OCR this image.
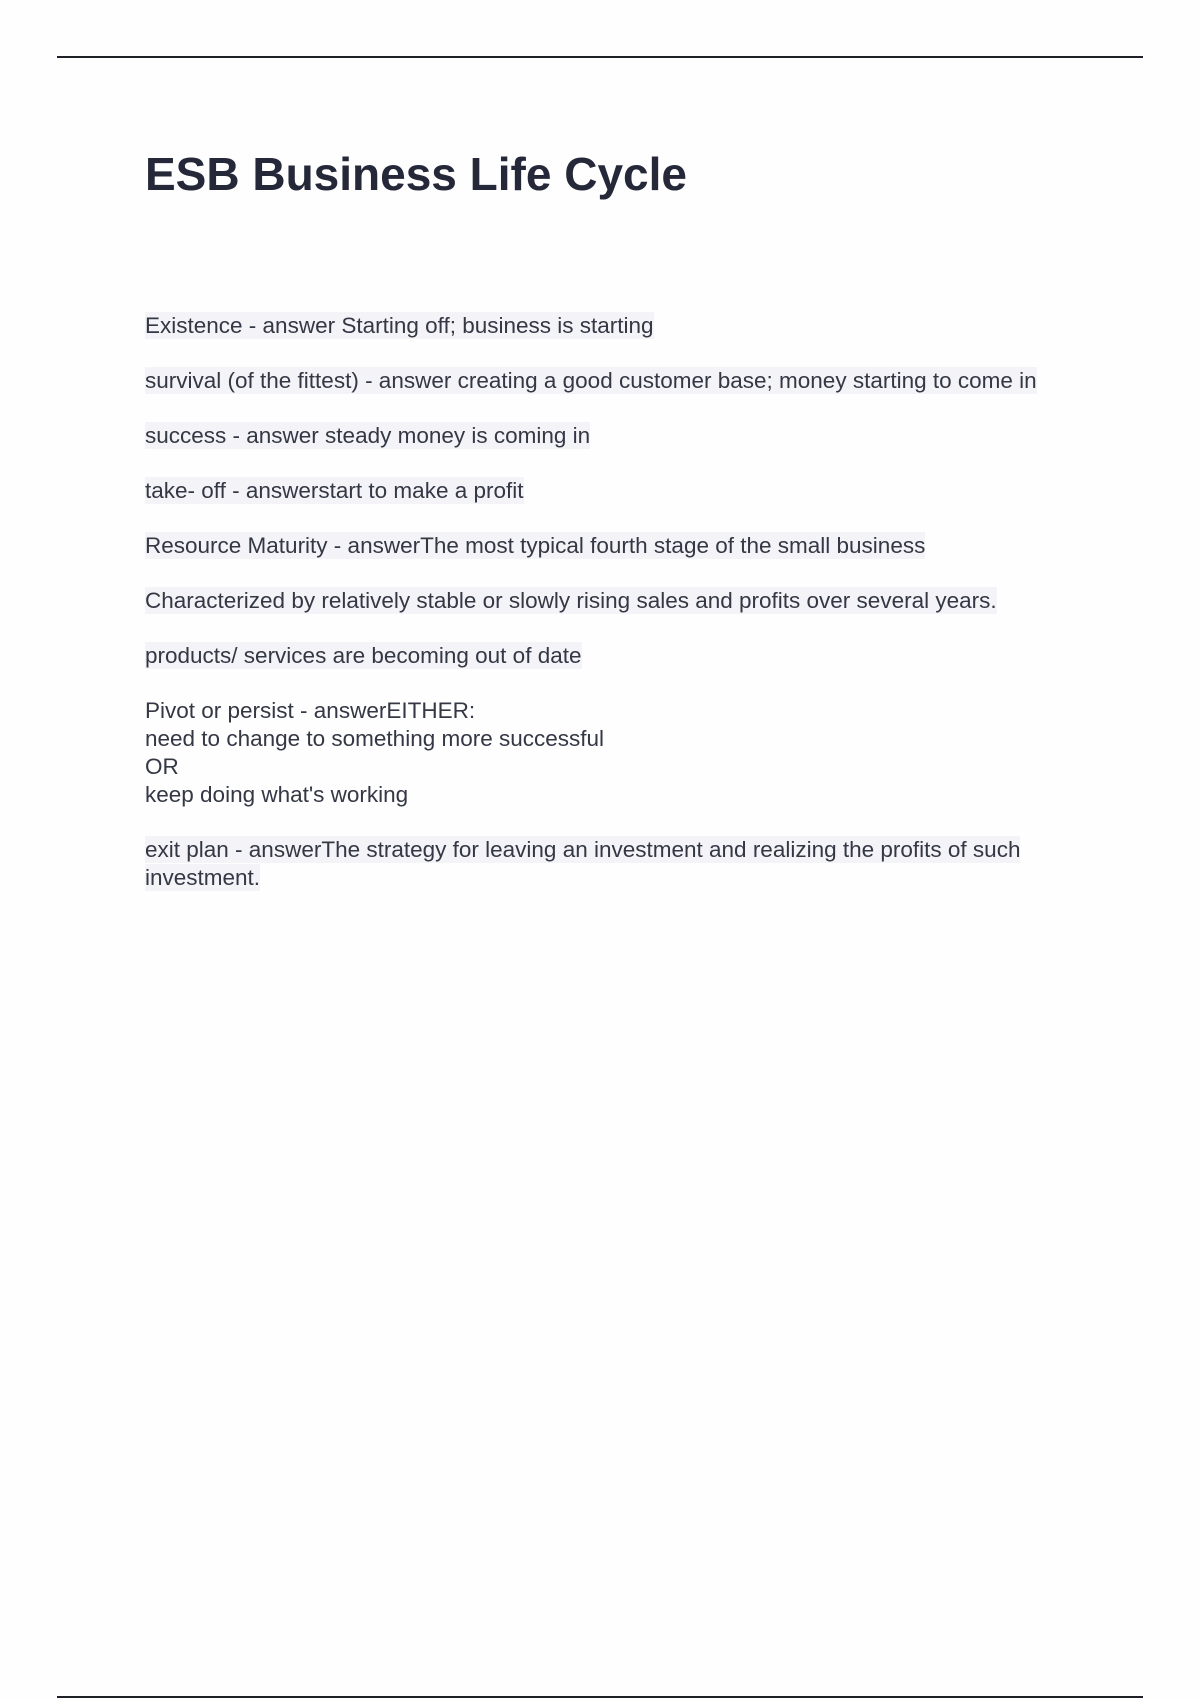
ESB Business Life Cycle

Existence - answer Starting off; business is starting

survival (of the fittest) - answer creating a good customer base; money starting to come in

success - answer steady money is coming in

take- off - answerstart to make a profit

Resource Maturity - answerThe most typical fourth stage of the small business

Characterized by relatively stable or slowly rising sales and profits over several years.

products/ services are becoming out of date

Pivot or persist - answerEITHER:
need to change to something more successful
OR
keep doing what's working

exit plan - answerThe strategy for leaving an investment and realizing the profits of such investment.
